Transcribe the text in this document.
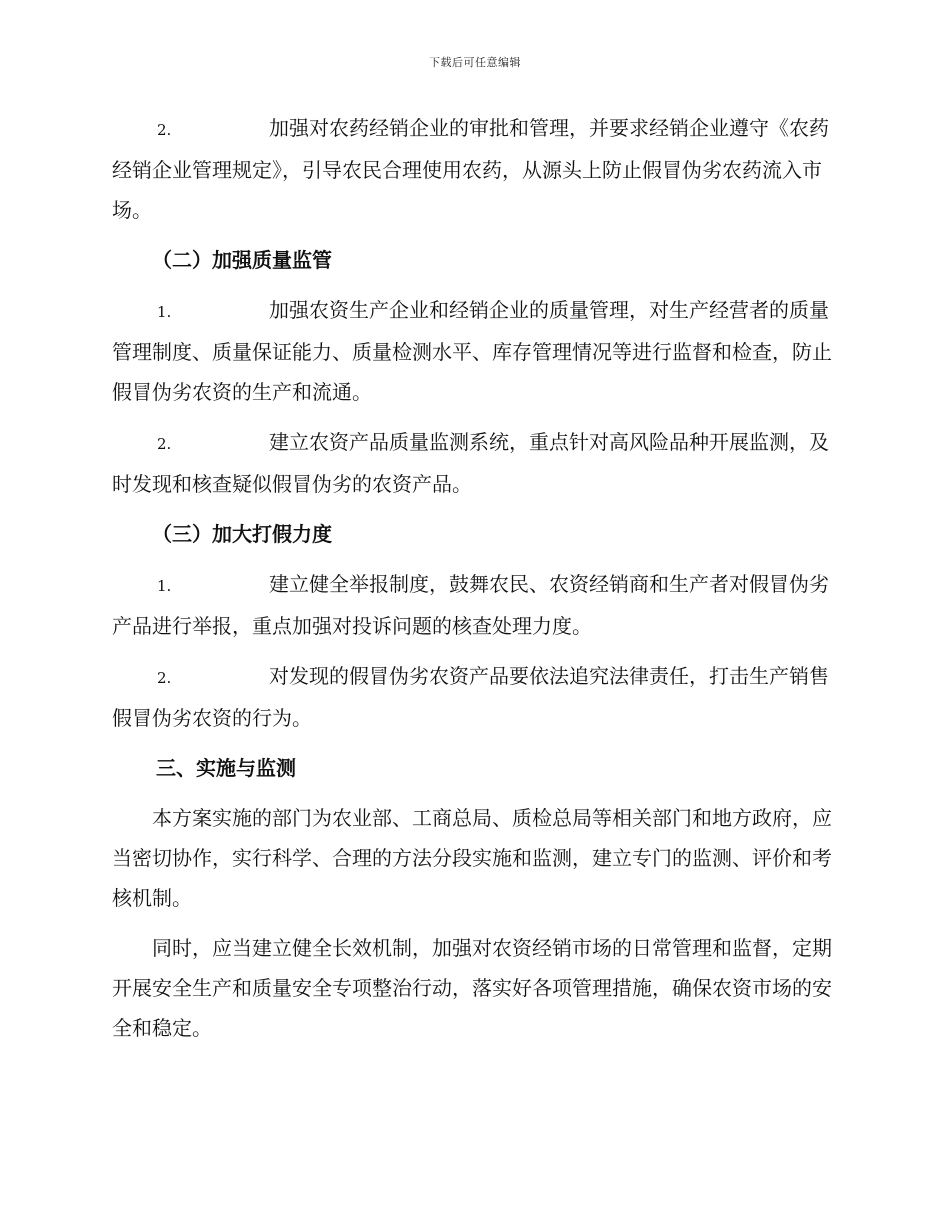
下载后可任意编辑

2.	加强对农药经销企业的审批和管理，并要求经销企业遵守《农药经销企业管理规定》，引导农民合理使用农药，从源头上防止假冒伪劣农药流入市场。

（二）加强质量监管

1.	加强农资生产企业和经销企业的质量管理，对生产经营者的质量管理制度、质量保证能力、质量检测水平、库存管理情况等进行监督和检查，防止假冒伪劣农资的生产和流通。

2.	建立农资产品质量监测系统，重点针对高风险品种开展监测，及时发现和核查疑似假冒伪劣的农资产品。

（三）加大打假力度

1.	建立健全举报制度，鼓舞农民、农资经销商和生产者对假冒伪劣产品进行举报，重点加强对投诉问题的核查处理力度。

2.	对发现的假冒伪劣农资产品要依法追究法律责任，打击生产销售假冒伪劣农资的行为。

三、实施与监测

本方案实施的部门为农业部、工商总局、质检总局等相关部门和地方政府，应当密切协作，实行科学、合理的方法分段实施和监测，建立专门的监测、评价和考核机制。

同时，应当建立健全长效机制，加强对农资经销市场的日常管理和监督，定期开展安全生产和质量安全专项整治行动，落实好各项管理措施，确保农资市场的安全和稳定。
